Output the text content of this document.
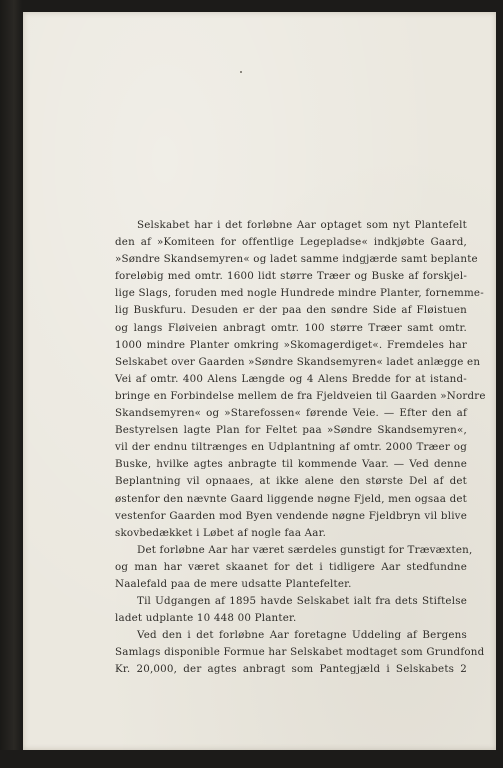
Selskabet har i det forløbne Aar optaget som nyt Plantefelt
den af »Komiteen for offentlige Legepladse« indkjøbte Gaard,
»Søndre Skandsemyren« og ladet samme indgjærde samt beplante
foreløbig med omtr. 1600 lidt større Træer og Buske af forskjel-
lige Slags, foruden med nogle Hundrede mindre Planter, fornemme-
lig Buskfuru. Desuden er der paa den søndre Side af Fløistuen
og langs Fløiveien anbragt omtr. 100 større Træer samt omtr.
1000 mindre Planter omkring »Skomagerdiget«. Fremdeles har
Selskabet over Gaarden »Søndre Skandsemyren« ladet anlægge en
Vei af omtr. 400 Alens Længde og 4 Alens Bredde for at istand-
bringe en Forbindelse mellem de fra Fjeldveien til Gaarden »Nordre
Skandsemyren« og »Starefossen« førende Veie. — Efter den af
Bestyrelsen lagte Plan for Feltet paa »Søndre Skandsemyren«,
vil der endnu tiltrænges en Udplantning af omtr. 2000 Træer og
Buske, hvilke agtes anbragte til kommende Vaar. — Ved denne
Beplantning vil opnaaes, at ikke alene den største Del af det
østenfor den nævnte Gaard liggende nøgne Fjeld, men ogsaa det
vestenfor Gaarden mod Byen vendende nøgne Fjeldbryn vil blive
skovbedækket i Løbet af nogle faa Aar.
Det forløbne Aar har været særdeles gunstigt for Trævæxten,
og man har været skaanet for det i tidligere Aar stedfundne
Naalefald paa de mere udsatte Plantefelter.
Til Udgangen af 1895 havde Selskabet ialt fra dets Stiftelse
ladet udplante 10 448 00 Planter.
Ved den i det forløbne Aar foretagne Uddeling af Bergens
Samlags disponible Formue har Selskabet modtaget som Grundfond
Kr. 20,000, der agtes anbragt som Pantegjæld i Selskabets 2
